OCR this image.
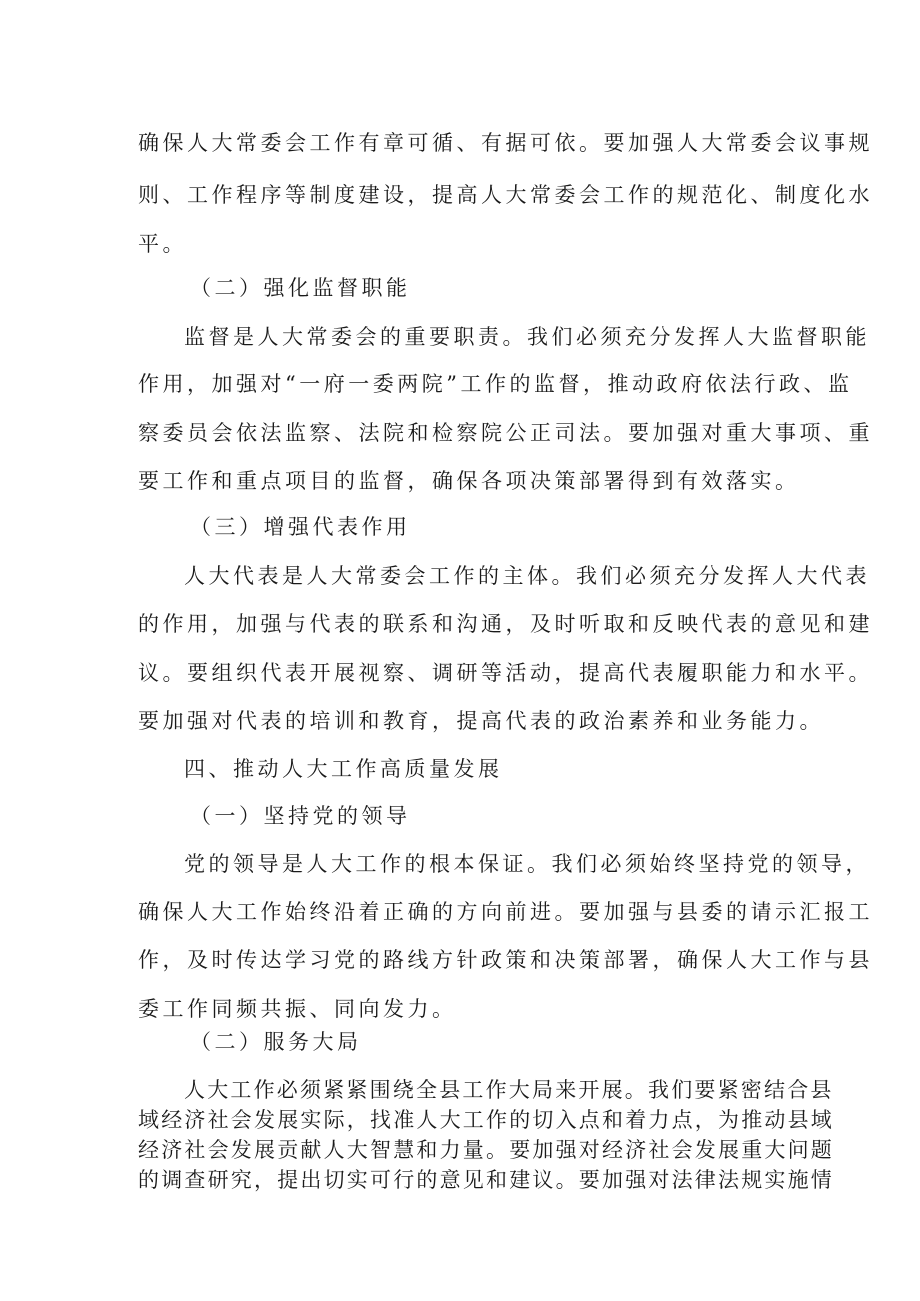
确保人大常委会工作有章可循、有据可依。要加强人大常委会议事规
则、工作程序等制度建设，提高人大常委会工作的规范化、制度化水
平。
（二）强化监督职能
监督是人大常委会的重要职责。我们必须充分发挥人大监督职能
作用，加强对“一府一委两院”工作的监督，推动政府依法行政、监
察委员会依法监察、法院和检察院公正司法。要加强对重大事项、重
要工作和重点项目的监督，确保各项决策部署得到有效落实。
（三）增强代表作用
人大代表是人大常委会工作的主体。我们必须充分发挥人大代表
的作用，加强与代表的联系和沟通，及时听取和反映代表的意见和建
议。要组织代表开展视察、调研等活动，提高代表履职能力和水平。
要加强对代表的培训和教育，提高代表的政治素养和业务能力。
四、推动人大工作高质量发展
（一）坚持党的领导
党的领导是人大工作的根本保证。我们必须始终坚持党的领导，
确保人大工作始终沿着正确的方向前进。要加强与县委的请示汇报工
作，及时传达学习党的路线方针政策和决策部署，确保人大工作与县
委工作同频共振、同向发力。
（二）服务大局
人大工作必须紧紧围绕全县工作大局来开展。我们要紧密结合县
域经济社会发展实际，找准人大工作的切入点和着力点，为推动县域
经济社会发展贡献人大智慧和力量。要加强对经济社会发展重大问题
的调查研究，提出切实可行的意见和建议。要加强对法律法规实施情
